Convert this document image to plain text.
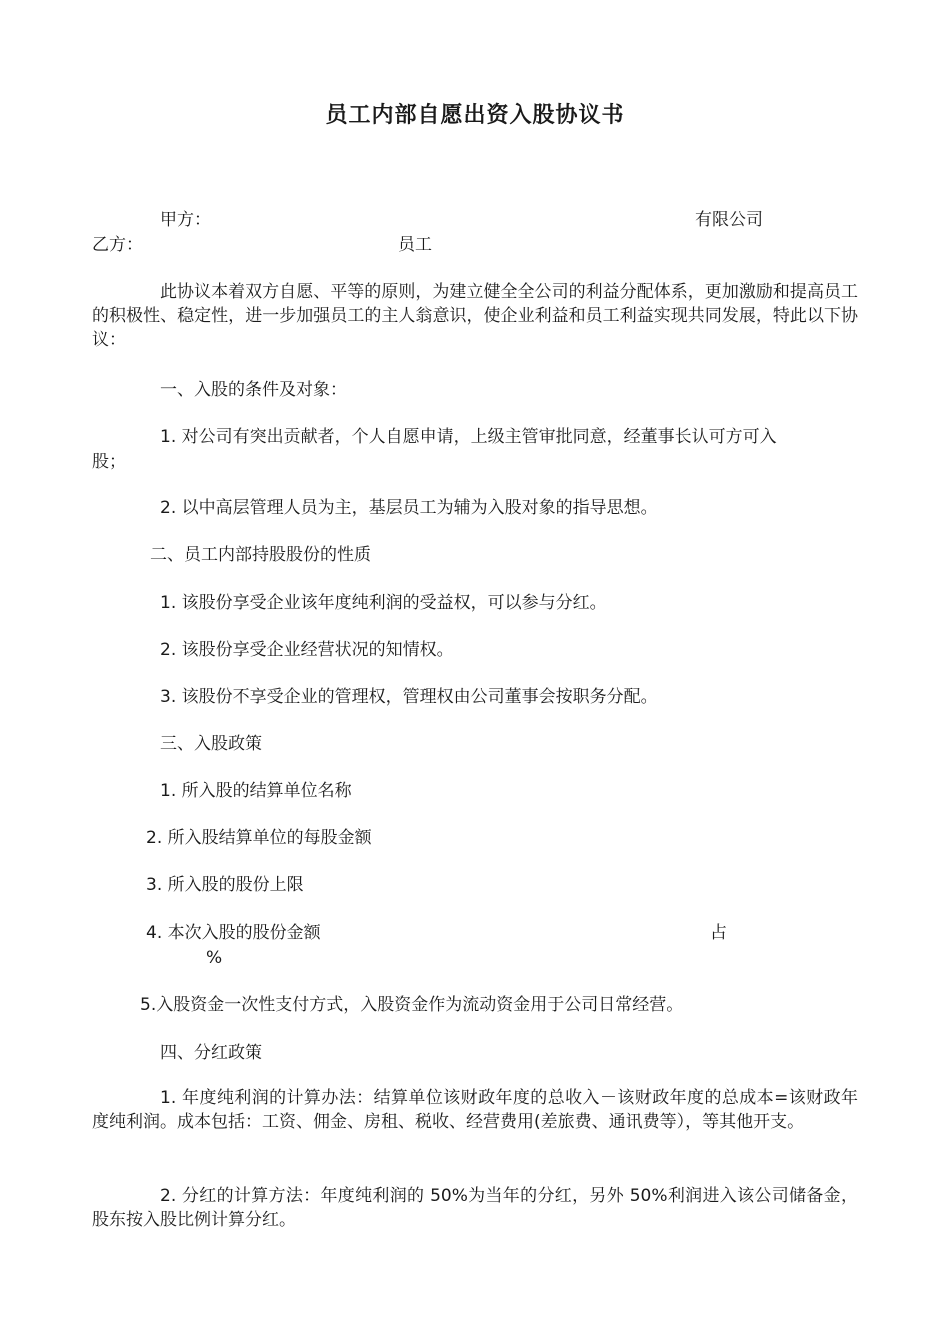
员工内部自愿出资入股协议书
甲方：	有限公司
乙方：	员工
此协议本着双方自愿、平等的原则，为建立健全全公司的利益分配体系，更加激励和提高员工的积极性、稳定性，进一步加强员工的主人翁意识，使企业利益和员工利益实现共同发展，特此以下协议：
一、入股的条件及对象：
1. 对公司有突出贡献者，个人自愿申请，上级主管审批同意，经董事长认可方可入
股；
2. 以中高层管理人员为主，基层员工为辅为入股对象的指导思想。
二、员工内部持股股份的性质
1. 该股份享受企业该年度纯利润的受益权，可以参与分红。
2. 该股份享受企业经营状况的知情权。
3. 该股份不享受企业的管理权，管理权由公司董事会按职务分配。
三、入股政策
1. 所入股的结算单位名称
2. 所入股结算单位的每股金额
3. 所入股的股份上限
4. 本次入股的股份金额	占
%
5.入股资金一次性支付方式，入股资金作为流动资金用于公司日常经营。
四、分红政策
1. 年度纯利润的计算办法：结算单位该财政年度的总收入－该财政年度的总成本=该财政年度纯利润。成本包括：工资、佣金、房租、税收、经营费用(差旅费、通讯费等），等其他开支。
2. 分红的计算方法：年度纯利润的 50%为当年的分红，另外 50%利润进入该公司储备金，股东按入股比例计算分红。
